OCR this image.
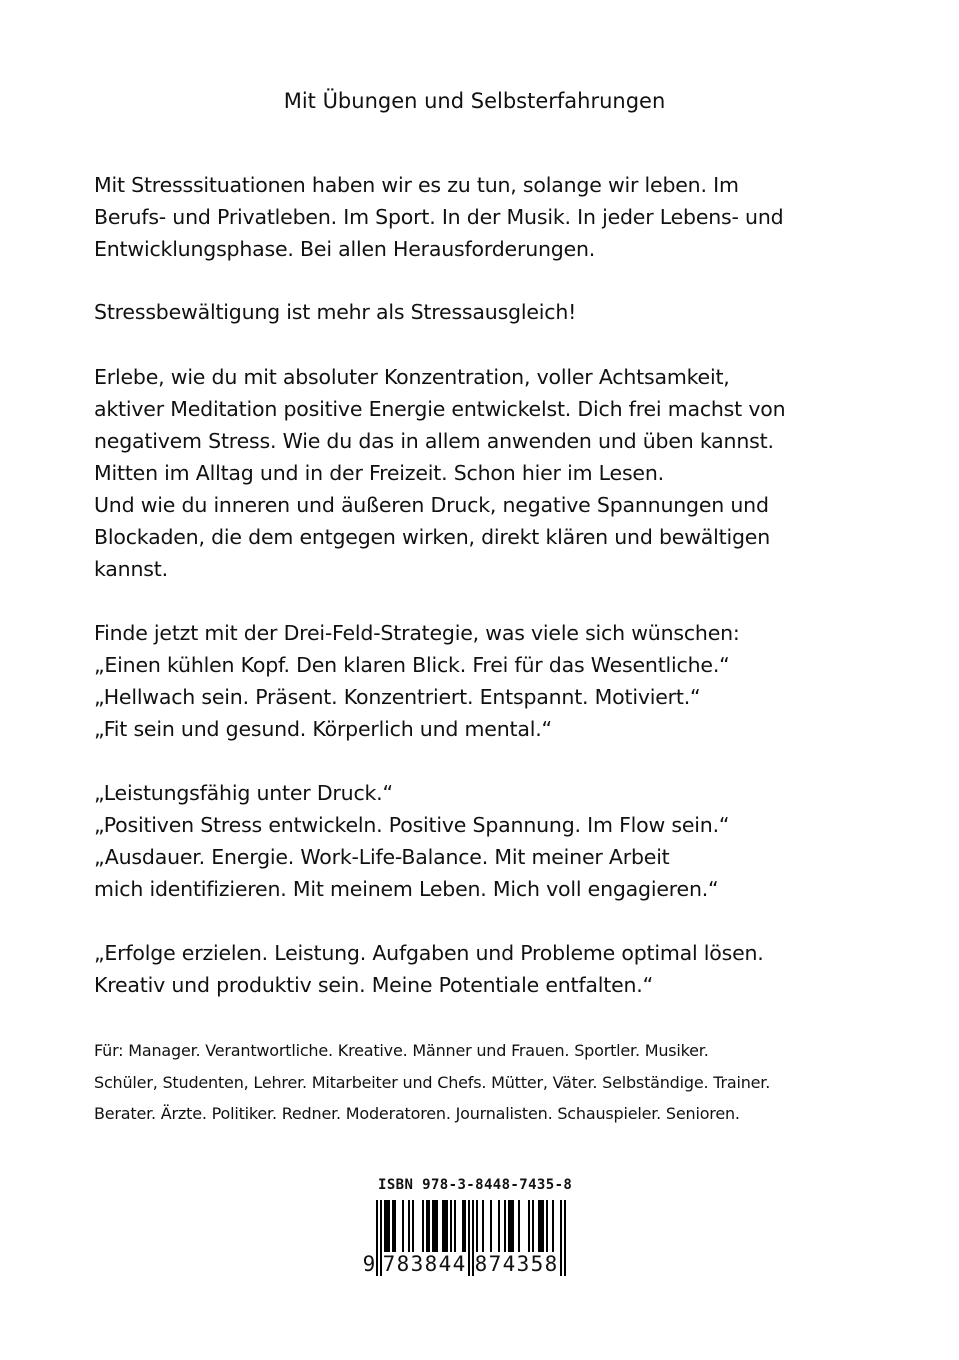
Mit Übungen und Selbsterfahrungen
Mit Stresssituationen haben wir es zu tun, solange wir leben. Im
Berufs- und Privatleben. Im Sport. In der Musik. In jeder Lebens- und
Entwicklungsphase. Bei allen Herausforderungen.
Stressbewältigung ist mehr als Stressausgleich!
Erlebe, wie du mit absoluter Konzentration, voller Achtsamkeit,
aktiver Meditation positive Energie entwickelst. Dich frei machst von
negativem Stress. Wie du das in allem anwenden und üben kannst.
Mitten im Alltag und in der Freizeit. Schon hier im Lesen.
Und wie du inneren und äußeren Druck, negative Spannungen und
Blockaden, die dem entgegen wirken, direkt klären und bewältigen
kannst.
Finde jetzt mit der Drei-Feld-Strategie, was viele sich wünschen:
„Einen kühlen Kopf. Den klaren Blick. Frei für das Wesentliche.“
„Hellwach sein. Präsent. Konzentriert. Entspannt. Motiviert.“
„Fit sein und gesund. Körperlich und mental.“
„Leistungsfähig unter Druck.“
„Positiven Stress entwickeln. Positive Spannung. Im Flow sein.“
„Ausdauer. Energie. Work-Life-Balance. Mit meiner Arbeit
mich identifizieren. Mit meinem Leben. Mich voll engagieren.“
„Erfolge erzielen. Leistung. Aufgaben und Probleme optimal lösen.
Kreativ und produktiv sein. Meine Potentiale entfalten.“
Für: Manager. Verantwortliche. Kreative. Männer und Frauen. Sportler. Musiker.
Schüler, Studenten, Lehrer. Mitarbeiter und Chefs. Mütter, Väter. Selbständige. Trainer.
Berater. Ärzte. Politiker. Redner. Moderatoren. Journalisten. Schauspieler. Senioren.
ISBN 978-3-8448-7435-8
9 7 8 3 8 4 4 8 7 4 3 5 8
